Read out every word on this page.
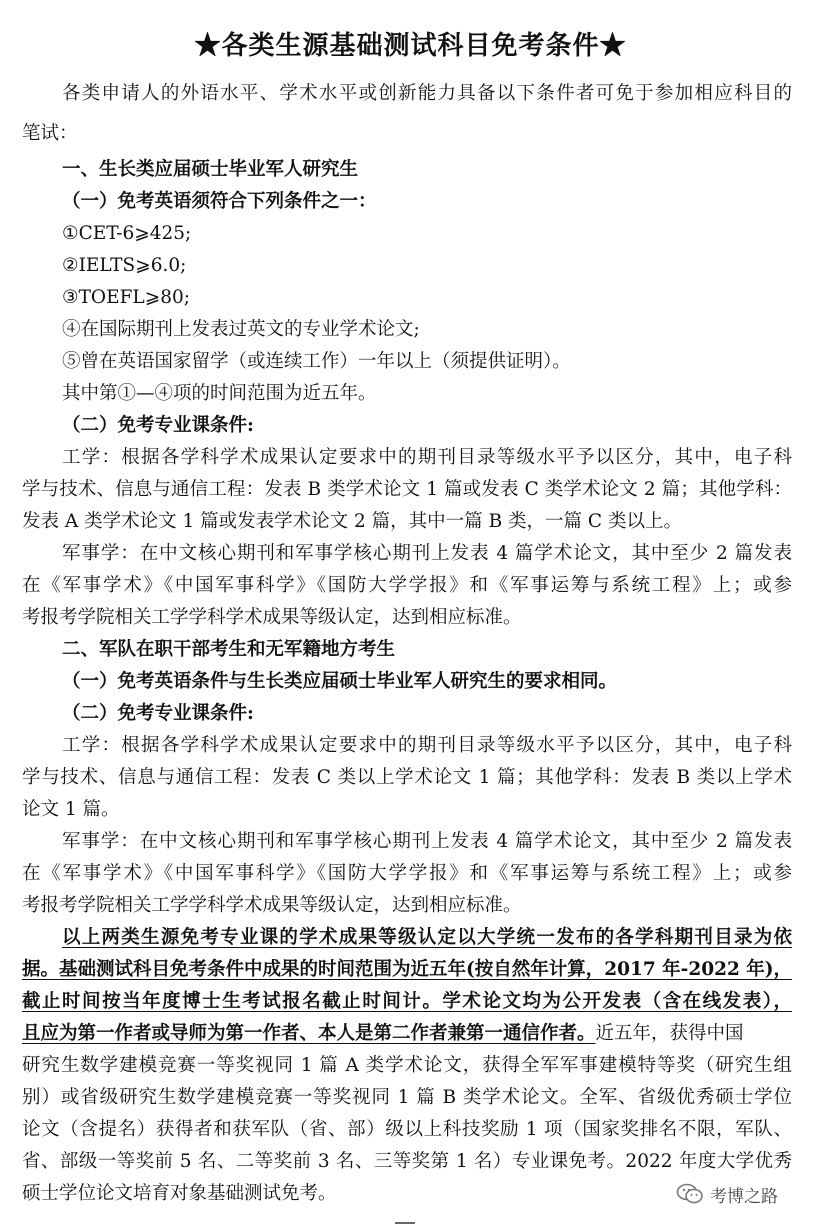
★各类生源基础测试科目免考条件★
各类申请人的外语水平、学术水平或创新能力具备以下条件者可免于参加相应科目的
笔试：
一、生长类应届硕士毕业军人研究生
（一）免考英语须符合下列条件之一：
①CET-6⩾425;
②IELTS⩾6.0;
③TOEFL⩾80;
④在国际期刊上发表过英文的专业学术论文;
⑤曾在英语国家留学（或连续工作）一年以上（须提供证明）。
其中第①—④项的时间范围为近五年。
（二）免考专业课条件:
工学：根据各学科学术成果认定要求中的期刊目录等级水平予以区分，其中，电子科
学与技术、信息与通信工程：发表 B 类学术论文 1 篇或发表 C 类学术论文 2 篇；其他学科：
发表 A 类学术论文 1 篇或发表学术论文 2 篇，其中一篇 B 类，一篇 C 类以上。
军事学：在中文核心期刊和军事学核心期刊上发表 4 篇学术论文，其中至少 2 篇发表
在《军事学术》《中国军事科学》《国防大学学报》和《军事运筹与系统工程》上；或参
考报考学院相关工学学科学术成果等级认定，达到相应标准。
二、军队在职干部考生和无军籍地方考生
（一）免考英语条件与生长类应届硕士毕业军人研究生的要求相同。
（二）免考专业课条件:
工学：根据各学科学术成果认定要求中的期刊目录等级水平予以区分，其中，电子科
学与技术、信息与通信工程：发表 C 类以上学术论文 1 篇；其他学科：发表 B 类以上学术
论文 1 篇。
军事学：在中文核心期刊和军事学核心期刊上发表 4 篇学术论文，其中至少 2 篇发表
在《军事学术》《中国军事科学》《国防大学学报》和《军事运筹与系统工程》上；或参
考报考学院相关工学学科学术成果等级认定，达到相应标准。
以上两类生源免考专业课的学术成果等级认定以大学统一发布的各学科期刊目录为依
据。基础测试科目免考条件中成果的时间范围为近五年(按自然年计算，2017 年-2022 年)，
截止时间按当年度博士生考试报名截止时间计。学术论文均为公开发表（含在线发表），
且应为第一作者或导师为第一作者、本人是第二作者兼第一通信作者。近五年，获得中国
研究生数学建模竞赛一等奖视同 1 篇 A 类学术论文，获得全军军事建模特等奖（研究生组
别）或省级研究生数学建模竞赛一等奖视同 1 篇 B 类学术论文。全军、省级优秀硕士学位
论文（含提名）获得者和获军队（省、部）级以上科技奖励 1 项（国家奖排名不限，军队、
省、部级一等奖前 5 名、二等奖前 3 名、三等奖第 1 名）专业课免考。2022 年度大学优秀
硕士学位论文培育对象基础测试免考。	考博之路
